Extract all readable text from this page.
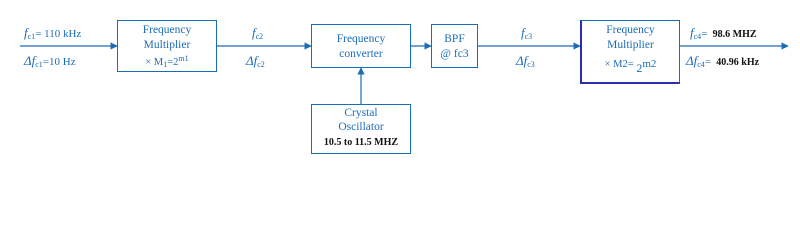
$f_{c1}= 110$ kHz
$\Delta f_{c1}=10$ Hz
Frequency
Multiplier
× $M_1=2^{m1}$
$f_{c2}$
$\Delta f_{c2}$
Frequency
converter
BPF
@ fc3
$f_{c3}$
$\Delta f_{c3}$
Frequency
Multiplier
× M2= 2m2
$f_{c4}= 98.6$ MHZ
$\Delta f_{c4}= 40.96$ kHz
Crystal
Oscillator
10.5 to 11.5 MHZ
